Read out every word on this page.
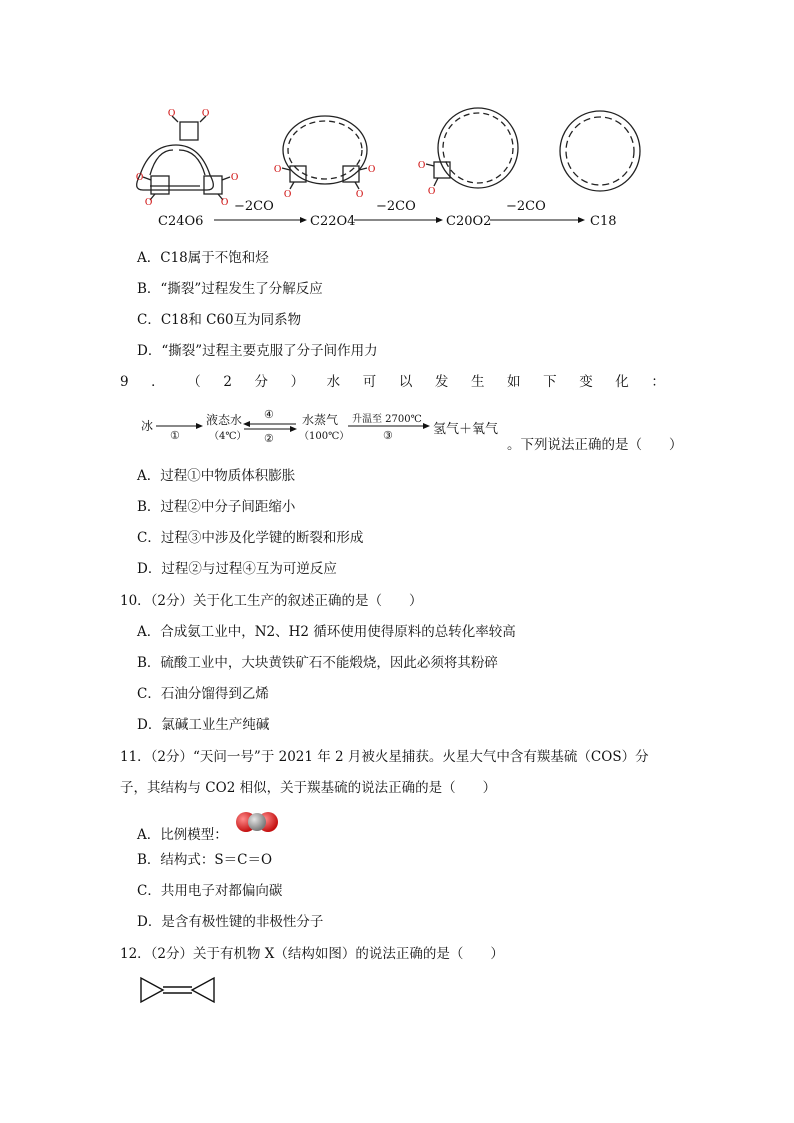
O	O
O
O
O
O
O
O
O
O
O
O
C24O6	C22O4	C20O2	C18
−2CO	−2CO	−2CO
A．C18属于不饱和烃
B．“撕裂”过程发生了分解反应
C．C18和 C60互为同系物
D．“撕裂”过程主要克服了分子间作用力
9 ． （ 2 分 ） 水 可 以 发 生 如 下 变 化 ：
冰
①
液态水
（4℃）
④
②
水蒸气
（100℃）
升温至 2700℃
③	氢气＋氧气
。下列说法正确的是（　　）
A．过程①中物质体积膨胀
B．过程②中分子间距缩小
C．过程③中涉及化学键的断裂和形成
D．过程②与过程④互为可逆反应
10．（2分）关于化工生产的叙述正确的是（　　）
A．合成氨工业中，N2、H2 循环使用使得原料的总转化率较高
B．硫酸工业中，大块黄铁矿石不能煅烧，因此必须将其粉碎
C．石油分馏得到乙烯
D．氯碱工业生产纯碱
11．（2分）“天问一号”于 2021 年 2 月被火星捕获。火星大气中含有羰基硫（COS）分
子，其结构与 CO2 相似，关于羰基硫的说法正确的是（　　）
A．比例模型：
B．结构式：S＝C＝O
C．共用电子对都偏向碳
D．是含有极性键的非极性分子
12．（2分）关于有机物 X（结构如图）的说法正确的是（　　）
